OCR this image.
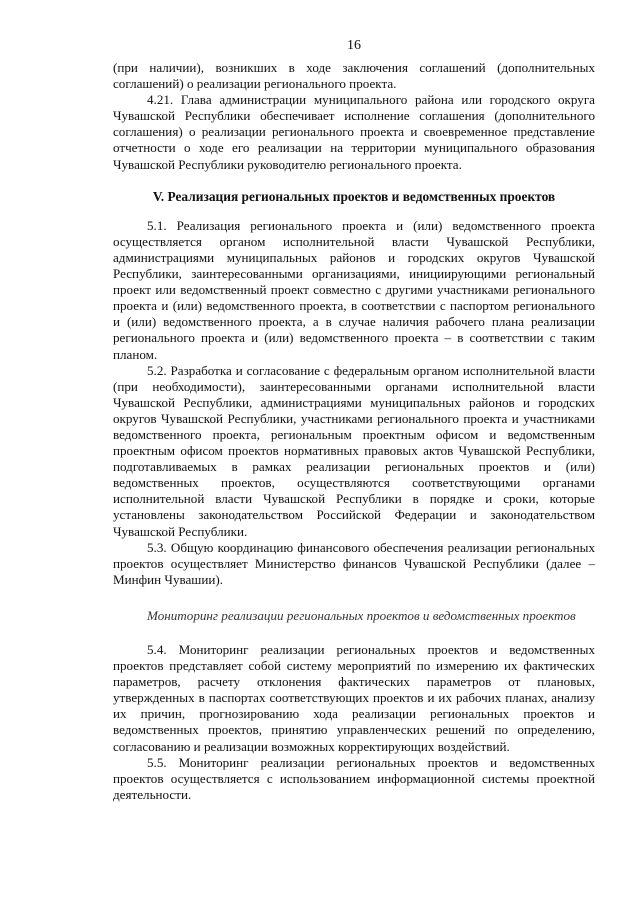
16

(при наличии), возникших в ходе заключения соглашений (дополнительных соглашений) о реализации регионального проекта.

4.21. Глава администрации муниципального района или городского округа Чувашской Республики обеспечивает исполнение соглашения (дополнительного соглашения) о реализации регионального проекта и своевременное представление отчетности о ходе его реализации на территории муниципального образования Чувашской Республики руководителю регионального проекта.

V. Реализация региональных проектов и ведомственных проектов

5.1. Реализация регионального проекта и (или) ведомственного проекта осуществляется органом исполнительной власти Чувашской Республики, администрациями муниципальных районов и городских округов Чувашской Республики, заинтересованными организациями, инициирующими региональный проект или ведомственный проект совместно с другими участниками регионального проекта и (или) ведомственного проекта, в соответствии с паспортом регионального и (или) ведомственного проекта, а в случае наличия рабочего плана реализации регионального проекта и (или) ведомственного проекта – в соответствии с таким планом.

5.2. Разработка и согласование с федеральным органом исполнительной власти (при необходимости), заинтересованными органами исполнительной власти Чувашской Республики, администрациями муниципальных районов и городских округов Чувашской Республики, участниками регионального проекта и участниками ведомственного проекта, региональным проектным офисом и ведомственным проектным офисом проектов нормативных правовых актов Чувашской Республики, подготавливаемых в рамках реализации региональных проектов и (или) ведомственных проектов, осуществляются соответствующими органами исполнительной власти Чувашской Республики в порядке и сроки, которые установлены законодательством Российской Федерации и законодательством Чувашской Республики.

5.3. Общую координацию финансового обеспечения реализации региональных проектов осуществляет Министерство финансов Чувашской Республики (далее – Минфин Чувашии).

Мониторинг реализации региональных проектов и ведомственных проектов

5.4. Мониторинг реализации региональных проектов и ведомственных проектов представляет собой систему мероприятий по измерению их фактических параметров, расчету отклонения фактических параметров от плановых, утвержденных в паспортах соответствующих проектов и их рабочих планах, анализу их причин, прогнозированию хода реализации региональных проектов и ведомственных проектов, принятию управленческих решений по определению, согласованию и реализации возможных корректирующих воздействий.

5.5. Мониторинг реализации региональных проектов и ведомственных проектов осуществляется с использованием информационной системы проектной деятельности.
